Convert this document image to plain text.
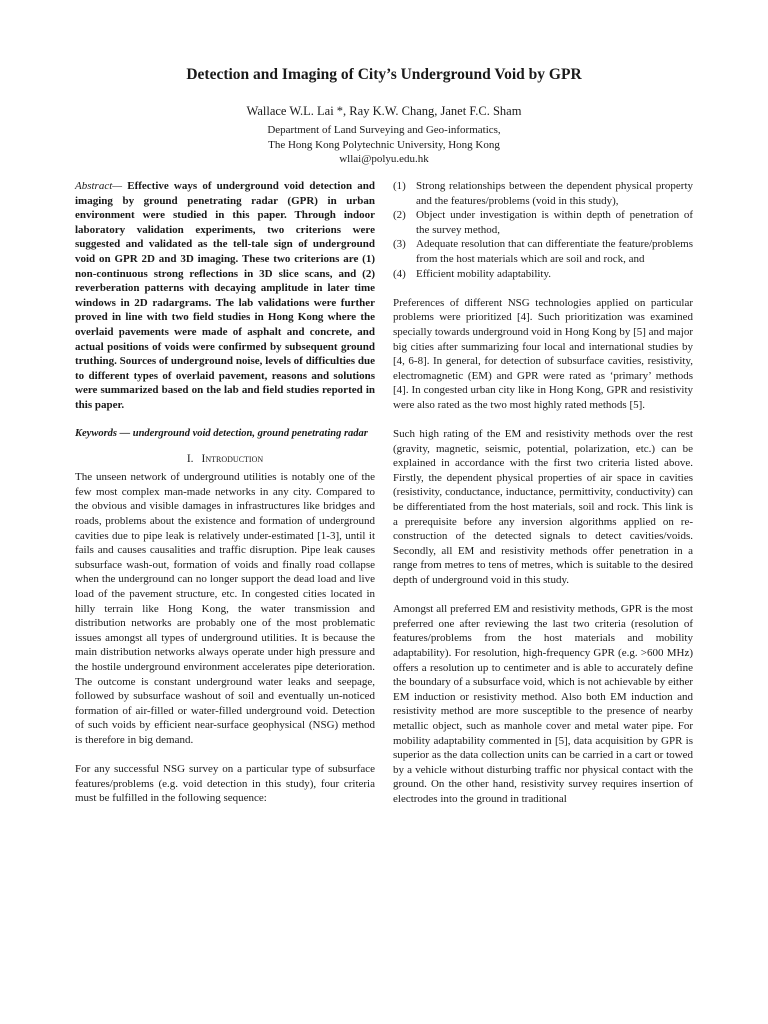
Detection and Imaging of City’s Underground Void by GPR
Wallace W.L. Lai *, Ray K.W. Chang, Janet F.C. Sham
Department of Land Surveying and Geo-informatics,
The Hong Kong Polytechnic University, Hong Kong
wllai@polyu.edu.hk

Abstract— Effective ways of underground void detection and imaging by ground penetrating radar (GPR) in urban environment were studied in this paper. Through indoor laboratory validation experiments, two criterions were suggested and validated as the tell-tale sign of underground void on GPR 2D and 3D imaging. These two criterions are (1) non-continuous strong reflections in 3D slice scans, and (2) reverberation patterns with decaying amplitude in later time windows in 2D radargrams. The lab validations were further proved in line with two field studies in Hong Kong where the overlaid pavements were made of asphalt and concrete, and actual positions of voids were confirmed by subsequent ground truthing. Sources of underground noise, levels of difficulties due to different types of overlaid pavement, reasons and solutions were summarized based on the lab and field studies reported in this paper.

Keywords — underground void detection, ground penetrating radar

I. Introduction

The unseen network of underground utilities is notably one of the few most complex man-made networks in any city. Compared to the obvious and visible damages in infrastructures like bridges and roads, problems about the existence and formation of underground cavities due to pipe leak is relatively under-estimated [1-3], until it fails and causes causalities and traffic disruption. Pipe leak causes subsurface wash-out, formation of voids and finally road collapse when the underground can no longer support the dead load and live load of the pavement structure, etc. In congested cities located in hilly terrain like Hong Kong, the water transmission and distribution networks are probably one of the most problematic issues amongst all types of underground utilities. It is because the main distribution networks always operate under high pressure and the hostile underground environment accelerates pipe deterioration. The outcome is constant underground water leaks and seepage, followed by subsurface washout of soil and eventually un-noticed formation of air-filled or water-filled underground void. Detection of such voids by efficient near-surface geophysical (NSG) method is therefore in big demand.

For any successful NSG survey on a particular type of subsurface features/problems (e.g. void detection in this study), four criteria must be fulfilled in the following sequence:

(1) Strong relationships between the dependent physical property and the features/problems (void in this study),
(2) Object under investigation is within depth of penetration of the survey method,
(3) Adequate resolution that can differentiate the feature/problems from the host materials which are soil and rock, and
(4) Efficient mobility adaptability.

Preferences of different NSG technologies applied on particular problems were prioritized [4]. Such prioritization was examined specially towards underground void in Hong Kong by [5] and major big cities after summarizing four local and international studies by [4, 6-8]. In general, for detection of subsurface cavities, resistivity, electromagnetic (EM) and GPR were rated as ‘primary’ methods [4]. In congested urban city like in Hong Kong, GPR and resistivity were also rated as the two most highly rated methods [5].

Such high rating of the EM and resistivity methods over the rest (gravity, magnetic, seismic, potential, polarization, etc.) can be explained in accordance with the first two criteria listed above. Firstly, the dependent physical properties of air space in cavities (resistivity, conductance, inductance, permittivity, conductivity) can be differentiated from the host materials, soil and rock. This link is a prerequisite before any inversion algorithms applied on re-construction of the detected signals to detect cavities/voids. Secondly, all EM and resistivity methods offer penetration in a range from metres to tens of metres, which is suitable to the desired depth of underground void in this study.

Amongst all preferred EM and resistivity methods, GPR is the most preferred one after reviewing the last two criteria (resolution of features/problems from the host materials and mobility adaptability). For resolution, high-frequency GPR (e.g. >600 MHz) offers a resolution up to centimeter and is able to accurately define the boundary of a subsurface void, which is not achievable by either EM induction or resistivity method. Also both EM induction and resistivity method are more susceptible to the presence of nearby metallic object, such as manhole cover and metal water pipe. For mobility adaptability commented in [5], data acquisition by GPR is superior as the data collection units can be carried in a cart or towed by a vehicle without disturbing traffic nor physical contact with the ground. On the other hand, resistivity survey requires insertion of electrodes into the ground in traditional
